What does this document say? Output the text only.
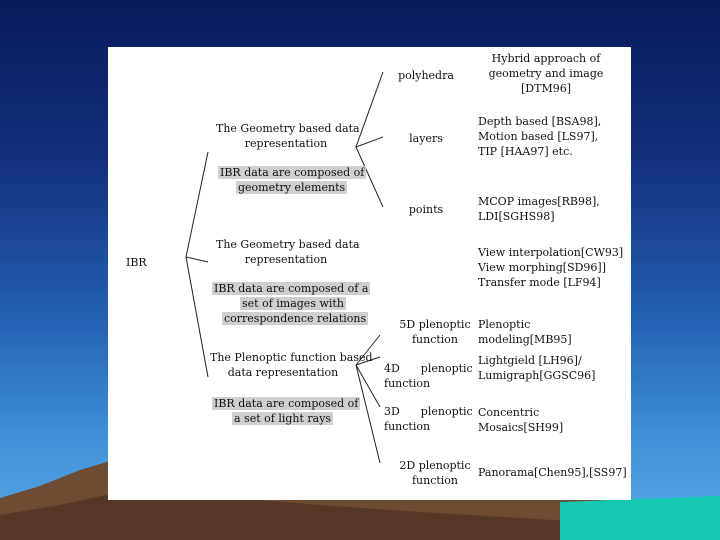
IBR
The Geometry based data
representation
IBR data are composed of
geometry elements
polyhedra
layers
points
Hybrid approach of
geometry and image
[DTM96]
Depth based [BSA98],
Motion based [LS97],
TIP [HAA97] etc.
MCOP images[RB98],
LDI[SGHS98]
The Geometry based data
representation
IBR data are composed of a
set of images with
correspondence relations
View interpolation[CW93]
View morphing[SD96]]
Transfer mode [LF94]
The Plenoptic function based
data representation
IBR data are composed of
a set of light rays
5D plenoptic
function
4D      plenoptic
function
3D      plenoptic
function
2D plenoptic
function
Plenoptic
modeling[MB95]
Lightgield [LH96]/
Lumigraph[GGSC96]
Concentric
Mosaics[SH99]
Panorama[Chen95],[SS97]
